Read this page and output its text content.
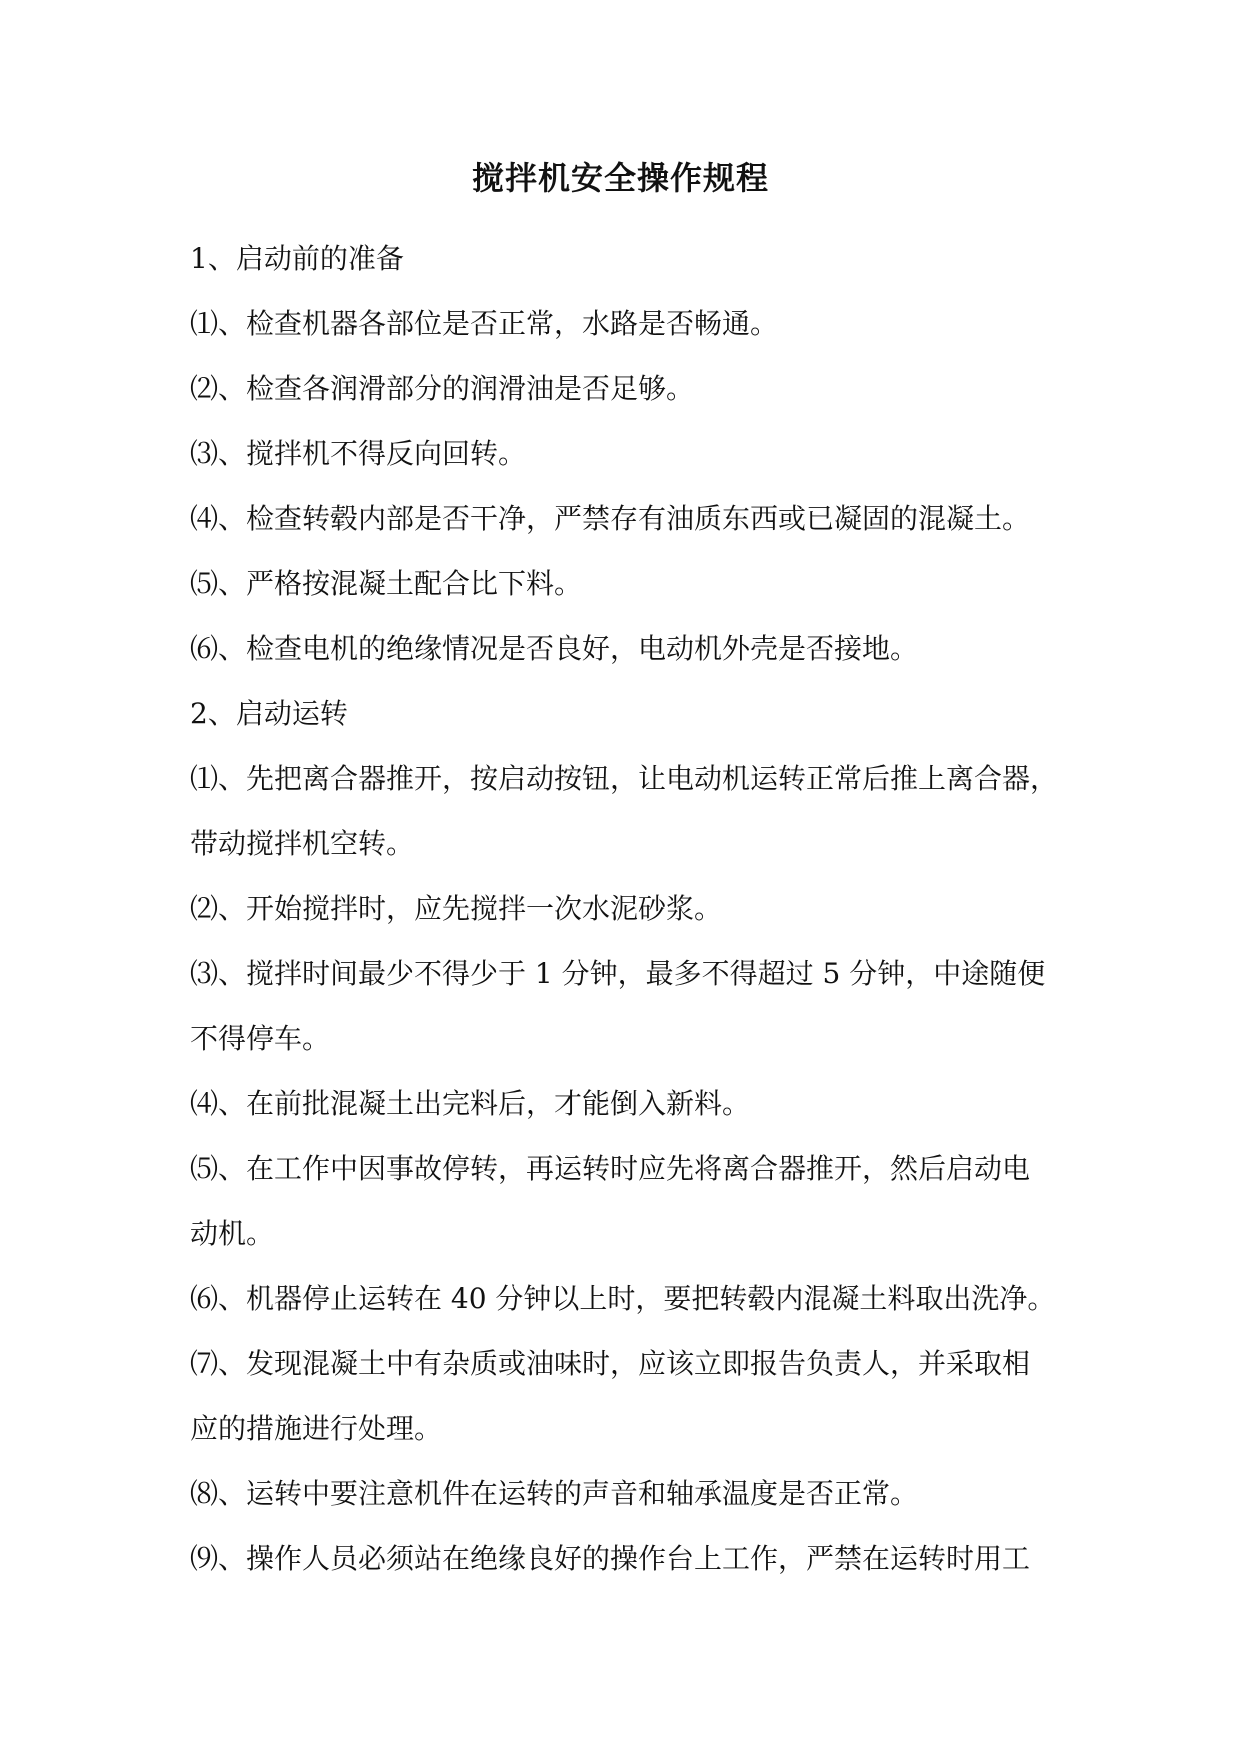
搅拌机安全操作规程
1、启动前的准备
⑴、检查机器各部位是否正常，水路是否畅通。
⑵、检查各润滑部分的润滑油是否足够。
⑶、搅拌机不得反向回转。
⑷、检查转毂内部是否干净，严禁存有油质东西或已凝固的混凝土。
⑸、严格按混凝土配合比下料。
⑹、检查电机的绝缘情况是否良好，电动机外壳是否接地。
2、启动运转
⑴、先把离合器推开，按启动按钮，让电动机运转正常后推上离合器，
带动搅拌机空转。
⑵、开始搅拌时，应先搅拌一次水泥砂浆。
⑶、搅拌时间最少不得少于 1 分钟，最多不得超过 5 分钟，中途随便
不得停车。
⑷、在前批混凝土出完料后，才能倒入新料。
⑸、在工作中因事故停转，再运转时应先将离合器推开，然后启动电
动机。
⑹、机器停止运转在 40 分钟以上时，要把转毂内混凝土料取出洗净。
⑺、发现混凝土中有杂质或油味时，应该立即报告负责人，并采取相
应的措施进行处理。
⑻、运转中要注意机件在运转的声音和轴承温度是否正常。
⑼、操作人员必须站在绝缘良好的操作台上工作，严禁在运转时用工
